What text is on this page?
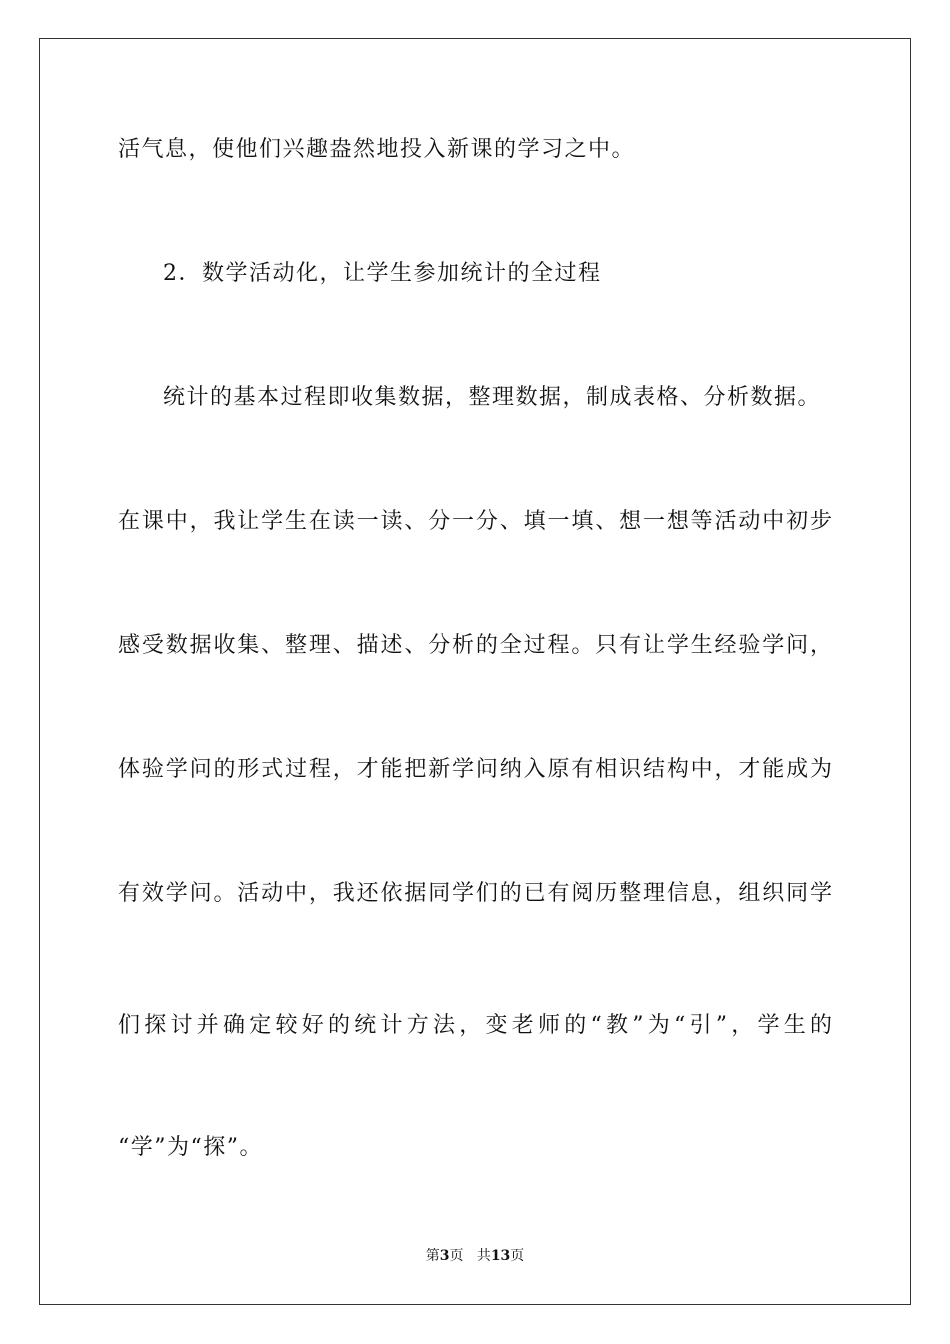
活气息，使他们兴趣盎然地投入新课的学习之中。
2．数学活动化，让学生参加统计的全过程
统计的基本过程即收集数据，整理数据，制成表格、分析数据。
在课中，我让学生在读一读、分一分、填一填、想一想等活动中初步
感受数据收集、整理、描述、分析的全过程。只有让学生经验学问，
体验学问的形式过程，才能把新学问纳入原有相识结构中，才能成为
有效学问。活动中，我还依据同学们的已有阅历整理信息，组织同学
们探讨并确定较好的统计方法，变老师的“教”为“引”，学生的
“学”为“探”。
第3页 共13页
